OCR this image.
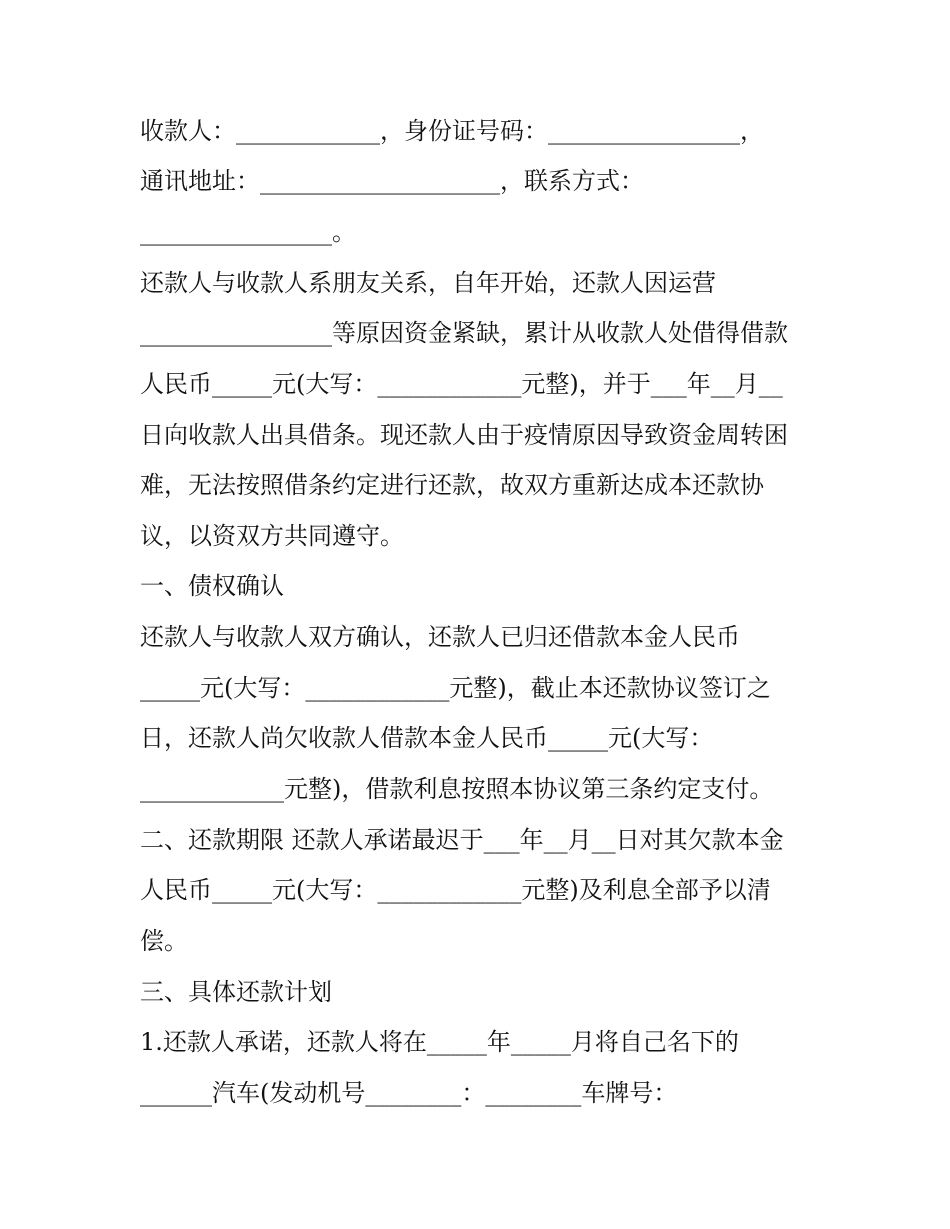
收款人：____________，身份证号码：________________，
通讯地址：____________________，联系方式：
________________。
还款人与收款人系朋友关系，自年开始，还款人因运营
________________等原因资金紧缺，累计从收款人处借得借款
人民币_____元(大写：____________元整)，并于___年__月__
日向收款人出具借条。现还款人由于疫情原因导致资金周转困
难，无法按照借条约定进行还款，故双方重新达成本还款协
议，以资双方共同遵守。
一、债权确认
还款人与收款人双方确认，还款人已归还借款本金人民币
_____元(大写：____________元整)，截止本还款协议签订之
日，还款人尚欠收款人借款本金人民币_____元(大写：
____________元整)，借款利息按照本协议第三条约定支付。
二、还款期限 还款人承诺最迟于___年__月__日对其欠款本金
人民币_____元(大写：____________元整)及利息全部予以清
偿。
三、具体还款计划
1.还款人承诺，还款人将在_____年_____月将自己名下的
______汽车(发动机号________：________车牌号：
